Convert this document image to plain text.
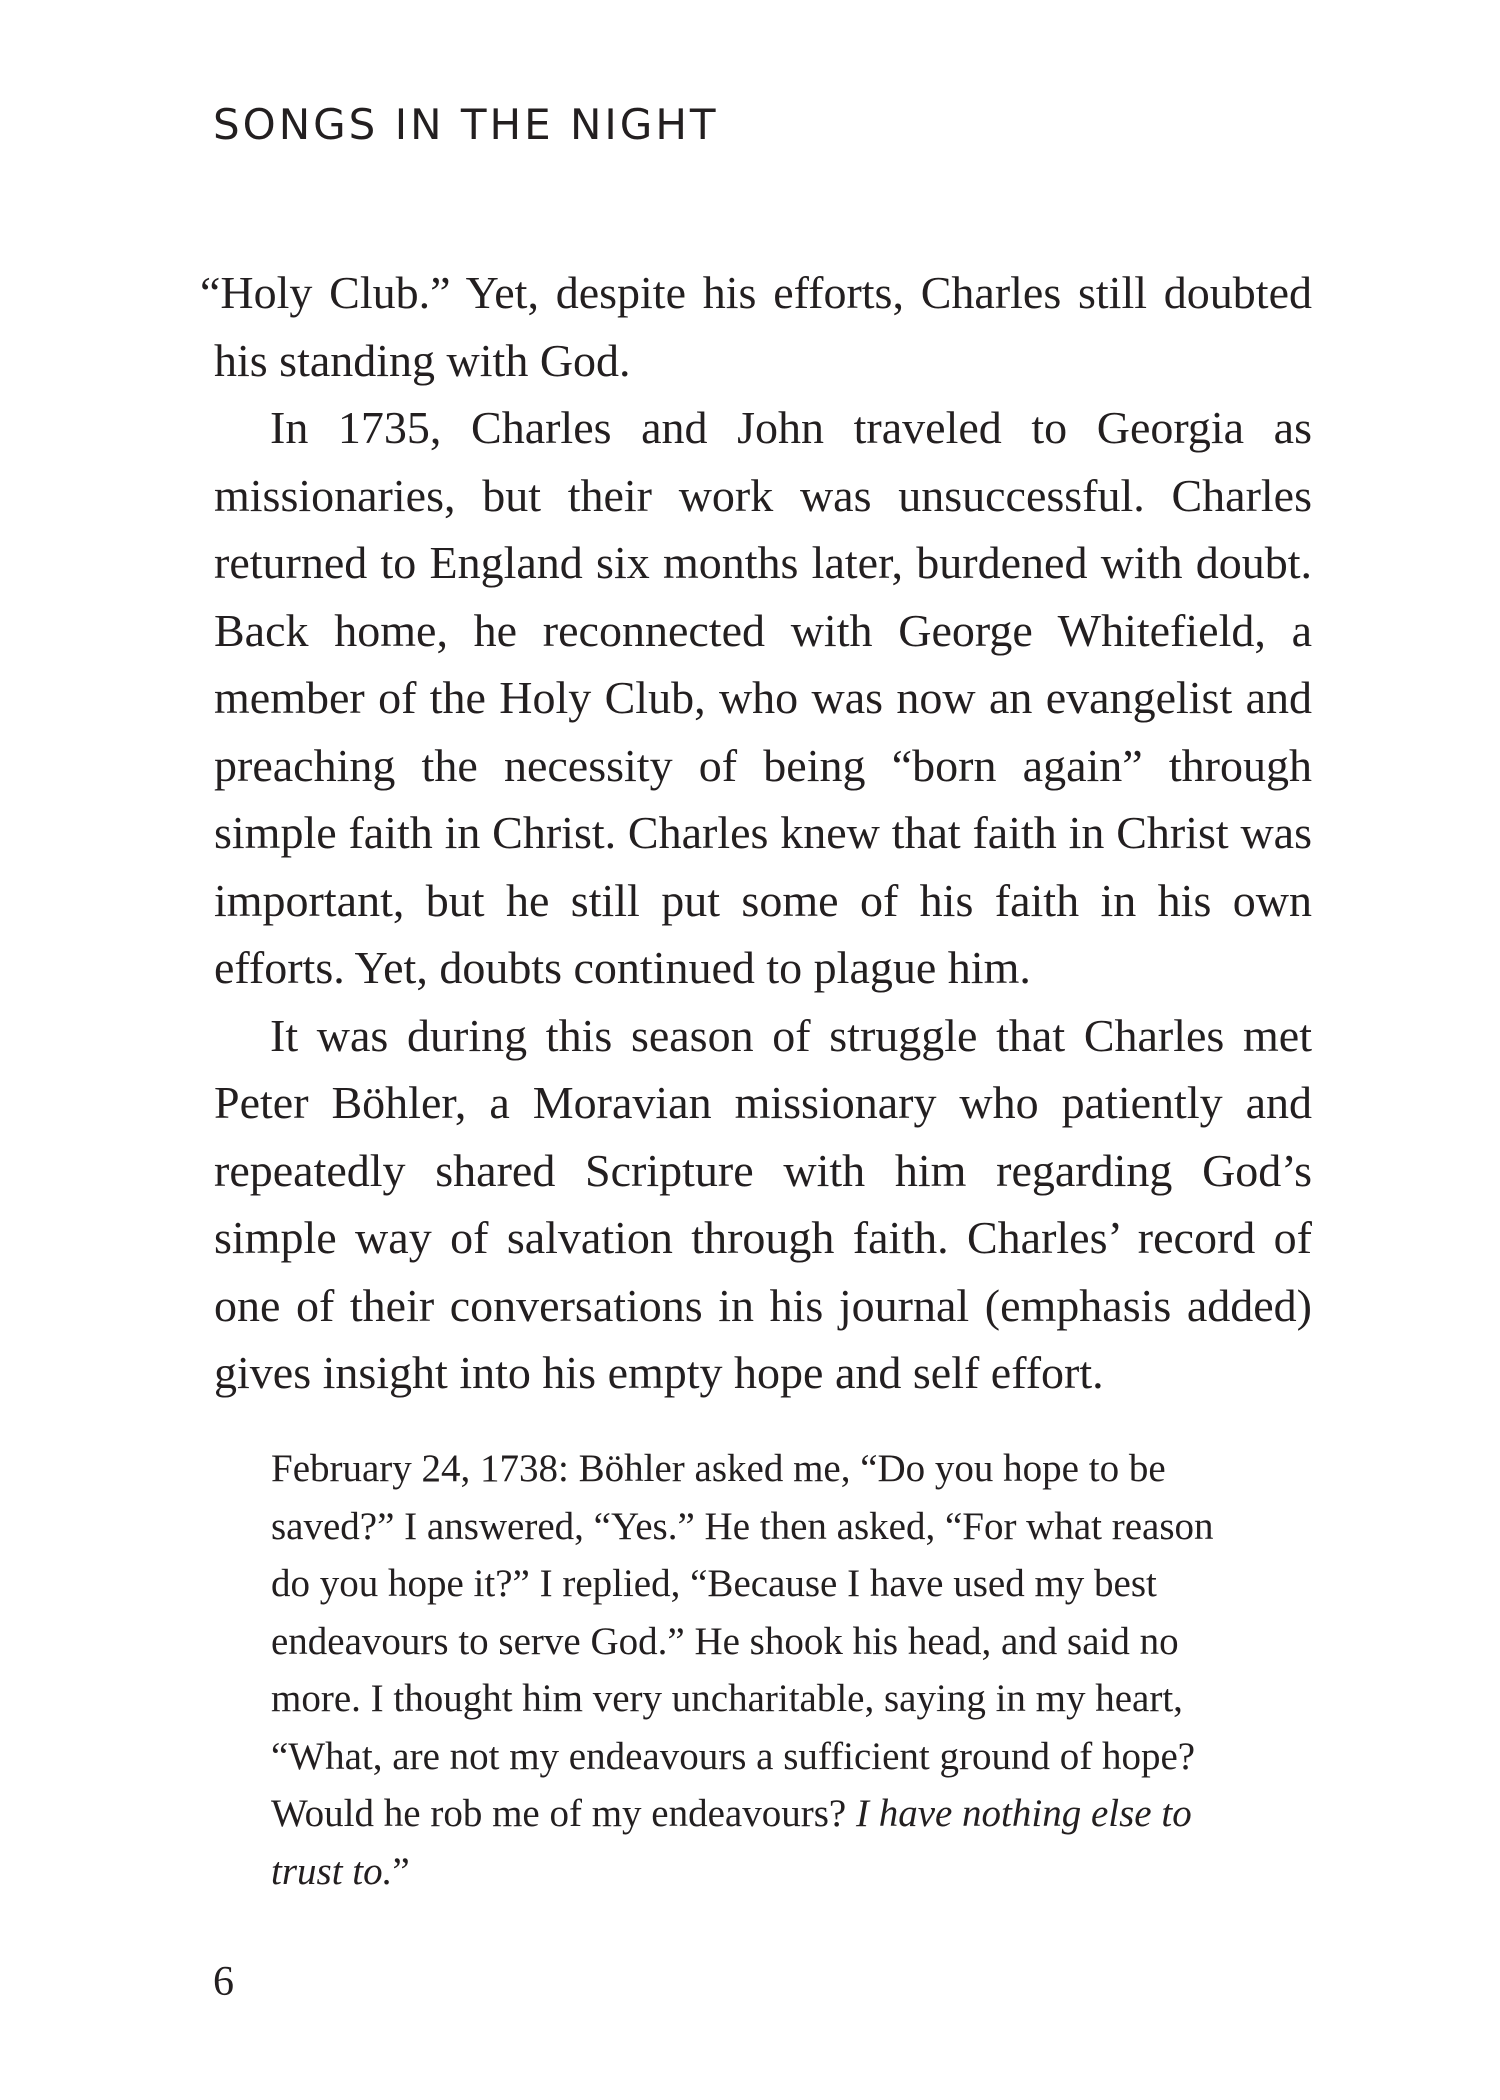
SONGS IN THE NIGHT

“Holy Club.” Yet, despite his efforts, Charles still doubted his standing with God.

In 1735, Charles and John traveled to Georgia as missionaries, but their work was unsuccessful. Charles returned to England six months later, burdened with doubt. Back home, he reconnected with George Whitefield, a member of the Holy Club, who was now an evangelist and preaching the necessity of being “born again” through simple faith in Christ. Charles knew that faith in Christ was important, but he still put some of his faith in his own efforts. Yet, doubts continued to plague him.

It was during this season of struggle that Charles met Peter Böhler, a Moravian missionary who patiently and repeatedly shared Scripture with him regarding God’s simple way of salvation through faith. Charles’ record of one of their conversations in his journal (emphasis added) gives insight into his empty hope and self effort.

February 24, 1738: Böhler asked me, “Do you hope to be saved?” I answered, “Yes.” He then asked, “For what reason do you hope it?” I replied, “Because I have used my best endeavours to serve God.” He shook his head, and said no more. I thought him very uncharitable, saying in my heart, “What, are not my endeavours a sufficient ground of hope? Would he rob me of my endeavours? I have nothing else to trust to.”

6
